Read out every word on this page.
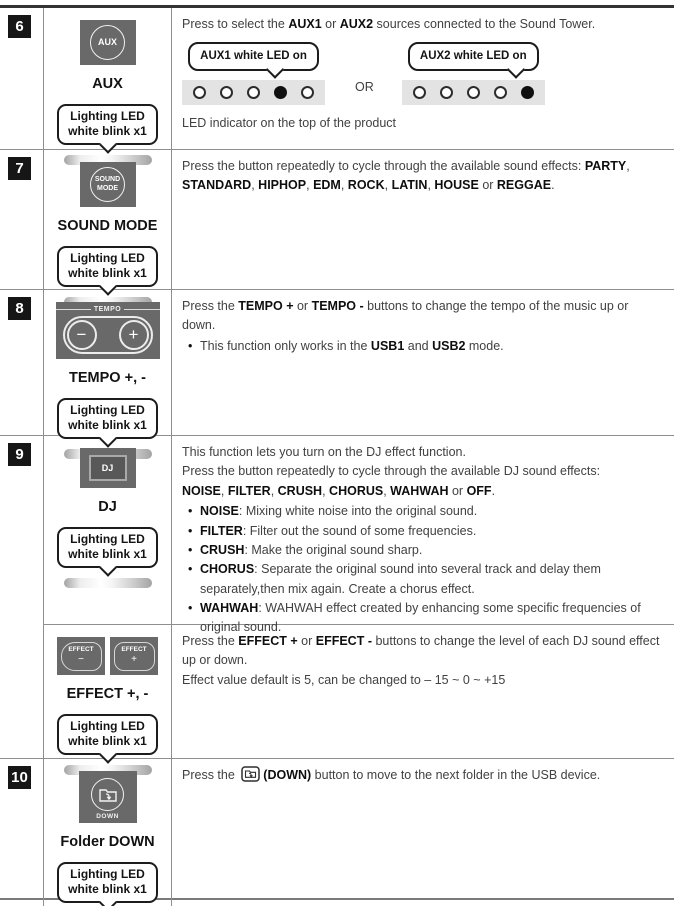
6
AUX
AUX
Lighting LED
white blink x1

Press to select the AUX1 or AUX2 sources connected to the Sound Tower.

AUX1 white LED on
OR
AUX2 white LED on

LED indicator on the top of the product

7
SOUND
MODE
SOUND MODE
Lighting LED
white blink x1

Press the button repeatedly to cycle through the available sound effects: PARTY, STANDARD, HIPHOP, EDM, ROCK, LATIN, HOUSE or REGGAE.

8	TEMPO
− +
TEMPO +, -
Lighting LED
white blink x1

Press the TEMPO + or TEMPO - buttons to change the tempo of the music up or down.

• This function only works in the USB1 and USB2 mode.
9
DJ
DJ
Lighting LED
white blink x1

This function lets you turn on the DJ effect function.

Press the button repeatedly to cycle through the available DJ sound effects:

NOISE, FILTER, CRUSH, CHORUS, WAHWAH or OFF.

• NOISE: Mixing white noise into the original sound.
• FILTER: Filter out the sound of some frequencies.
• CRUSH: Make the original sound sharp.
• CHORUS: Separate the original sound into several track and delay them separately,then mix again. Create a chorus effect.
• WAHWAH: WAHWAH effect created by enhancing some specific frequencies of original sound.
EFFECT
−
EFFECT
+
EFFECT +, -
Lighting LED
white blink x1

Press the EFFECT + or EFFECT - buttons to change the level of each DJ sound effect up or down.

Effect value default is 5, can be changed to – 15 ~ 0 ~ +15

10
DOWN
Folder DOWN
Lighting LED
white blink x1

Press the (DOWN) button to move to the next folder in the USB device.
